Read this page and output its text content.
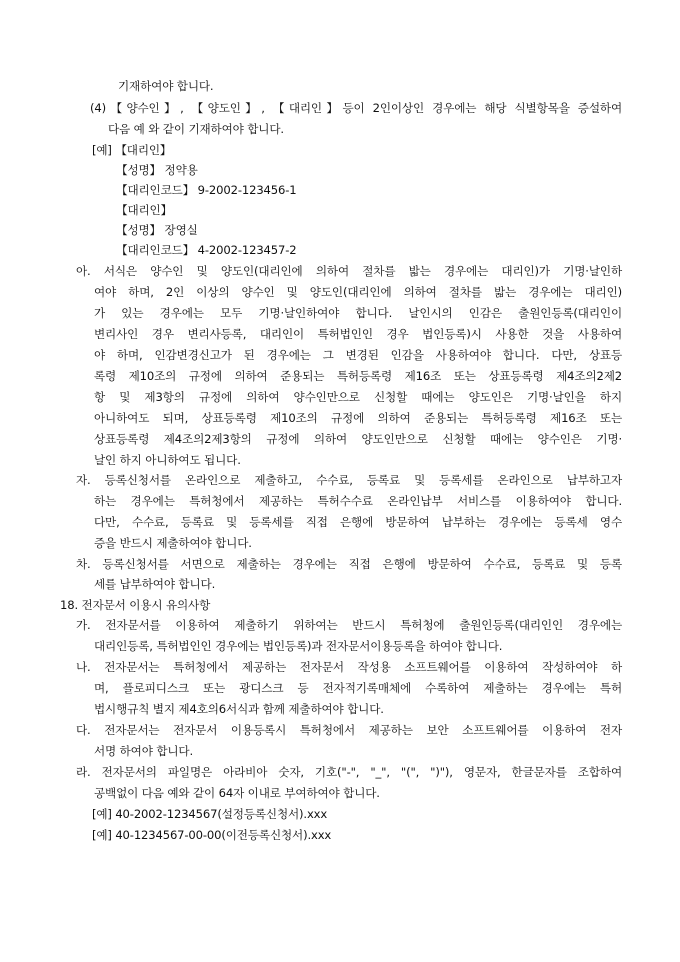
기재하여야 합니다.
(4)【양수인】, 【양도인】, 【대리인】등이 2인이상인 경우에는 해당 식별항목을 증설하여
다음 예 와 같이 기재하여야 합니다.
[예] 【대리인】
【성명】 정약용
【대리인코드】 9-2002-123456-1
【대리인】
【성명】 장영실
【대리인코드】 4-2002-123457-2
아. 서식은 양수인 및 양도인(대리인에 의하여 절차를 밟는 경우에는 대리인)가 기명·날인하
여야 하며, 2인 이상의 양수인 및 양도인(대리인에 의하여 절차를 밟는 경우에는 대리인)
가 있는 경우에는 모두 기명·날인하여야 합니다. 날인시의 인감은 출원인등록(대리인이
변리사인 경우 변리사등록, 대리인이 특허법인인 경우 법인등록)시 사용한 것을 사용하여
야 하며, 인감변경신고가 된 경우에는 그 변경된 인감을 사용하여야 합니다. 다만, 상표등
록령 제10조의 규정에 의하여 준용되는 특허등록령 제16조 또는 상표등록령 제4조의2제2
항 및 제3항의 규정에 의하여 양수인만으로 신청할 때에는 양도인은 기명·날인을 하지
아니하여도 되며, 상표등록령 제10조의 규정에 의하여 준용되는 특허등록령 제16조 또는
상표등록령 제4조의2제3항의 규정에 의하여 양도인만으로 신청할 때에는 양수인은 기명·
날인 하지 아니하여도 됩니다.
자. 등록신청서를 온라인으로 제출하고, 수수료, 등록료 및 등록세를 온라인으로 납부하고자
하는 경우에는 특허청에서 제공하는 특허수수료 온라인납부 서비스를 이용하여야 합니다.
다만, 수수료, 등록료 및 등록세를 직접 은행에 방문하여 납부하는 경우에는 등록세 영수
증을 반드시 제출하여야 합니다.
차. 등록신청서를 서면으로 제출하는 경우에는 직접 은행에 방문하여 수수료, 등록료 및 등록
세를 납부하여야 합니다.
18. 전자문서 이용시 유의사항
가. 전자문서를 이용하여 제출하기 위하여는 반드시 특허청에 출원인등록(대리인인 경우에는
대리인등록, 특허법인인 경우에는 법인등록)과 전자문서이용등록을 하여야 합니다.
나. 전자문서는 특허청에서 제공하는 전자문서 작성용 소프트웨어를 이용하여 작성하여야 하
며, 플로피디스크 또는 광디스크 등 전자적기록매체에 수록하여 제출하는 경우에는 특허
법시행규칙 별지 제4호의6서식과 함께 제출하여야 합니다.
다. 전자문서는 전자문서 이용등록시 특허청에서 제공하는 보안 소프트웨어를 이용하여 전자
서명 하여야 합니다.
라. 전자문서의 파일명은 아라비아 숫자, 기호("-", "_", "(", ")"), 영문자, 한글문자를 조합하여
공백없이 다음 예와 같이 64자 이내로 부여하여야 합니다.
[예] 40-2002-1234567(설정등록신청서).xxx
[예] 40-1234567-00-00(이전등록신청서).xxx
